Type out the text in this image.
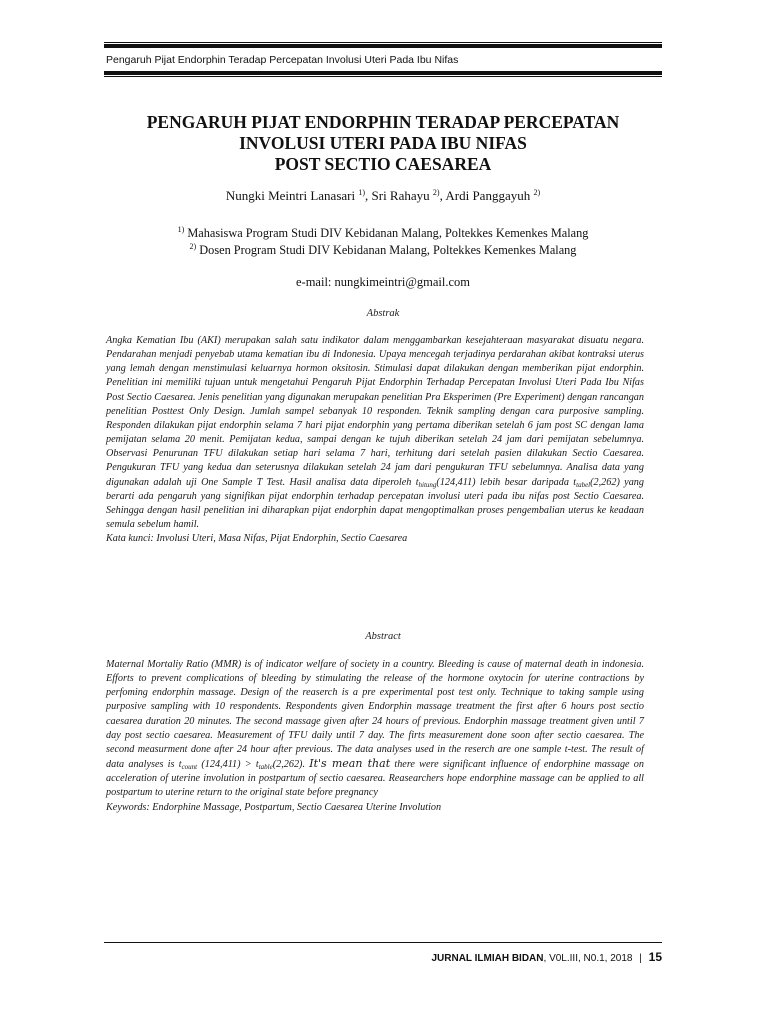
Pengaruh Pijat Endorphin Teradap Percepatan Involusi Uteri Pada Ibu Nifas
PENGARUH PIJAT ENDORPHIN TERADAP PERCEPATAN
INVOLUSI UTERI PADA IBU NIFAS
POST SECTIO CAESAREA
Nungki Meintri Lanasari $^{1)}$, Sri Rahayu $^{2)}$, Ardi Panggayuh $^{2)}$
$^{1)}$ Mahasiswa Program Studi DIV Kebidanan Malang, Poltekkes Kemenkes Malang
$^{2)}$ Dosen Program Studi DIV Kebidanan Malang, Poltekkes Kemenkes Malang
e-mail: nungkimeintri@gmail.com
Abstrak

Angka Kematian Ibu (AKI) merupakan salah satu indikator dalam menggambarkan kesejahteraan masyarakat disuatu negara. Pendarahan menjadi penyebab utama kematian ibu di Indonesia. Upaya mencegah terjadinya perdarahan akibat kontraksi uterus yang lemah dengan menstimulasi keluarnya hormon oksitosin. Stimulasi dapat dilakukan dengan memberikan pijat endorphin. Penelitian ini memiliki tujuan untuk mengetahui Pengaruh Pijat Endorphin Terhadap Percepatan Involusi Uteri Pada Ibu Nifas Post Sectio Caesarea. Jenis penelitian yang digunakan merupakan penelitian Pra Eksperimen (Pre Experiment) dengan rancangan penelitian Posttest Only Design. Jumlah sampel sebanyak 10 responden. Teknik sampling dengan cara purposive sampling. Responden dilakukan pijat endorphin selama 7 hari pijat endorphin yang pertama diberikan setelah 6 jam post SC dengan lama pemijatan selama 20 menit. Pemijatan kedua, sampai dengan ke tujuh diberikan setelah 24 jam dari pemijatan sebelumnya. Observasi Penurunan TFU dilakukan setiap hari selama 7 hari, terhitung dari setelah pasien dilakukan Sectio Caesarea. Pengukuran TFU yang kedua dan seterusnya dilakukan setelah 24 jam dari pengukuran TFU sebelumnya. Analisa data yang digunakan adalah uji One Sample T Test. Hasil analisa data diperoleh $t_{hitung}(124,411)$ lebih besar daripada $t_{tabel}(2,262)$ yang berarti ada pengaruh yang signifikan pijat endorphin terhadap percepatan involusi uteri pada ibu nifas post Sectio Caesarea. Sehingga dengan hasil penelitian ini diharapkan pijat endorphin dapat mengoptimalkan proses pengembalian uterus ke keadaan semula sebelum hamil.

Kata kunci: Involusi Uteri, Masa Nifas, Pijat Endorphin, Sectio Caesarea

Abstract

Maternal Mortaliy Ratio (MMR) is of indicator welfare of society in a country. Bleeding is cause of maternal death in indonesia. Efforts to prevent complications of bleeding by stimulating the release of the hormone oxytocin for uterine contractions by perfoming endorphin massage. Design of the reaserch is a pre experimental post test only. Technique to taking sample using purposive sampling with 10 respondents. Respondents given Endorphin massage treatment the first after 6 hours post sectio caesarea duration 20 minutes. The second massage given after 24 hours of previous. Endorphin massage treatment given until 7 day post sectio caesarea. Measurement of TFU daily until 7 day. The firts measurement done soon after sectio caesarea. The second measurment done after 24 hour after previous. The data analyses used in the reserch are one sample t-test. The result of data analyses is $t_{count}$ $(124,411) > t_{table}(2,262)$. It's mean that there were significant influence of endorphine massage on acceleration of uterine involution in postpartum of sectio caesarea. Reasearchers hope endorphine massage can be applied to all postpartum to uterine return to the original state before pregnancy

Keywords: Endorphine Massage, Postpartum, Sectio Caesarea Uterine Involution

JURNAL ILMIAH BIDAN, V0L.III, N0.1, 2018 | 15
